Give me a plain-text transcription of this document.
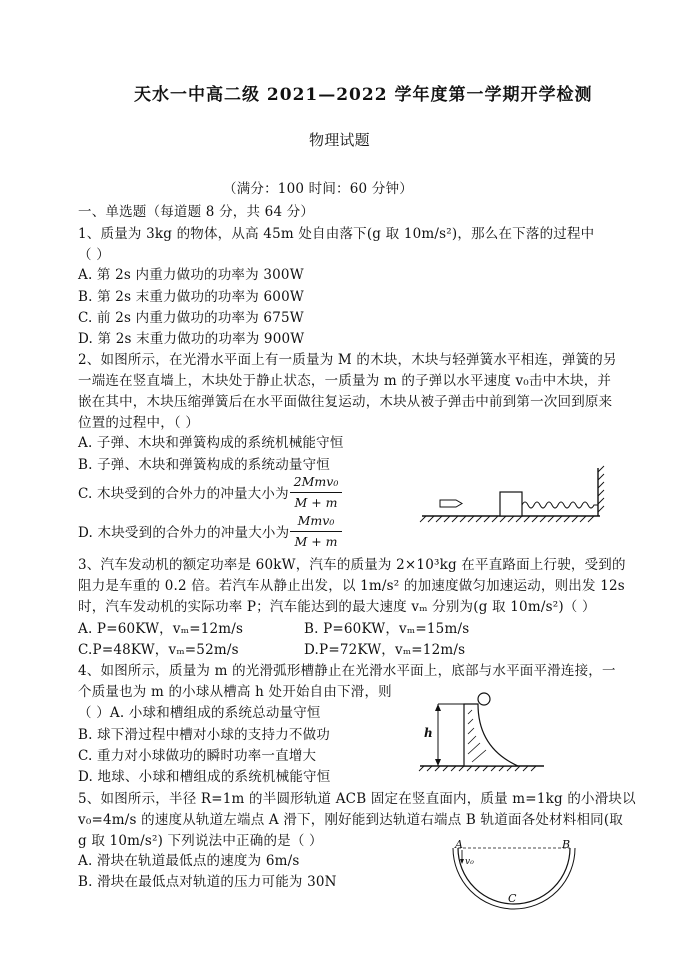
天水一中高二级 2021—2022 学年度第一学期开学检测
物理试题
（满分：100 时间：60 分钟）
一、单选题（每道题 8 分，共 64 分）
1、质量为 3kg 的物体，从高 45m 处自由落下(g 取 10m/s²)，那么在下落的过程中
（ ）
A. 第 2s 内重力做功的功率为 300W
B. 第 2s 末重力做功的功率为 600W
C. 前 2s 内重力做功的功率为 675W
D. 第 2s 末重力做功的功率为 900W
2、如图所示，在光滑水平面上有一质量为 M 的木块，木块与轻弹簧水平相连，弹簧的另
一端连在竖直墙上，木块处于静止状态，一质量为 m 的子弹以水平速度 v₀击中木块，并
嵌在其中，木块压缩弹簧后在水平面做往复运动，木块从被子弹击中前到第一次回到原来
位置的过程中，（ ）
A. 子弹、木块和弹簧构成的系统机械能守恒
B. 子弹、木块和弹簧构成的系统动量守恒
C. 木块受到的合外力的冲量大小为
2Mmv₀
M + m
D. 木块受到的合外力的冲量大小为
Mmv₀
M + m
3、汽车发动机的额定功率是 60kW，汽车的质量为 2×10³kg 在平直路面上行驶，受到的
阻力是车重的 0.2 倍。若汽车从静止出发，以 1m/s² 的加速度做匀加速运动，则出发 12s
时，汽车发动机的实际功率 P；汽车能达到的最大速度 vₘ 分别为(g 取 10m/s²)（ ）
A. P=60KW，vₘ=12m/s	B. P=60KW，vₘ=15m/s
C.P=48KW，vₘ=52m/s	D.P=72KW，vₘ=12m/s
4、如图所示，质量为 m 的光滑弧形槽静止在光滑水平面上，底部与水平面平滑连接，一
个质量也为 m 的小球从槽高 h 处开始自由下滑，则
（ ）A. 小球和槽组成的系统总动量守恒
B. 球下滑过程中槽对小球的支持力不做功
C. 重力对小球做功的瞬时功率一直增大
D. 地球、小球和槽组成的系统机械能守恒
h
5、如图所示，半径 R=1m 的半圆形轨道 ACB 固定在竖直面内，质量 m=1kg 的小滑块以
v₀=4m/s 的速度从轨道左端点 A 滑下，刚好能到达轨道右端点 B 轨道面各处材料相同(取
g 取 10m/s²) 下列说法中正确的是（ ）
A. 滑块在轨道最低点的速度为 6m/s
B. 滑块在最低点对轨道的压力可能为 30N
A	B
v₀
C
